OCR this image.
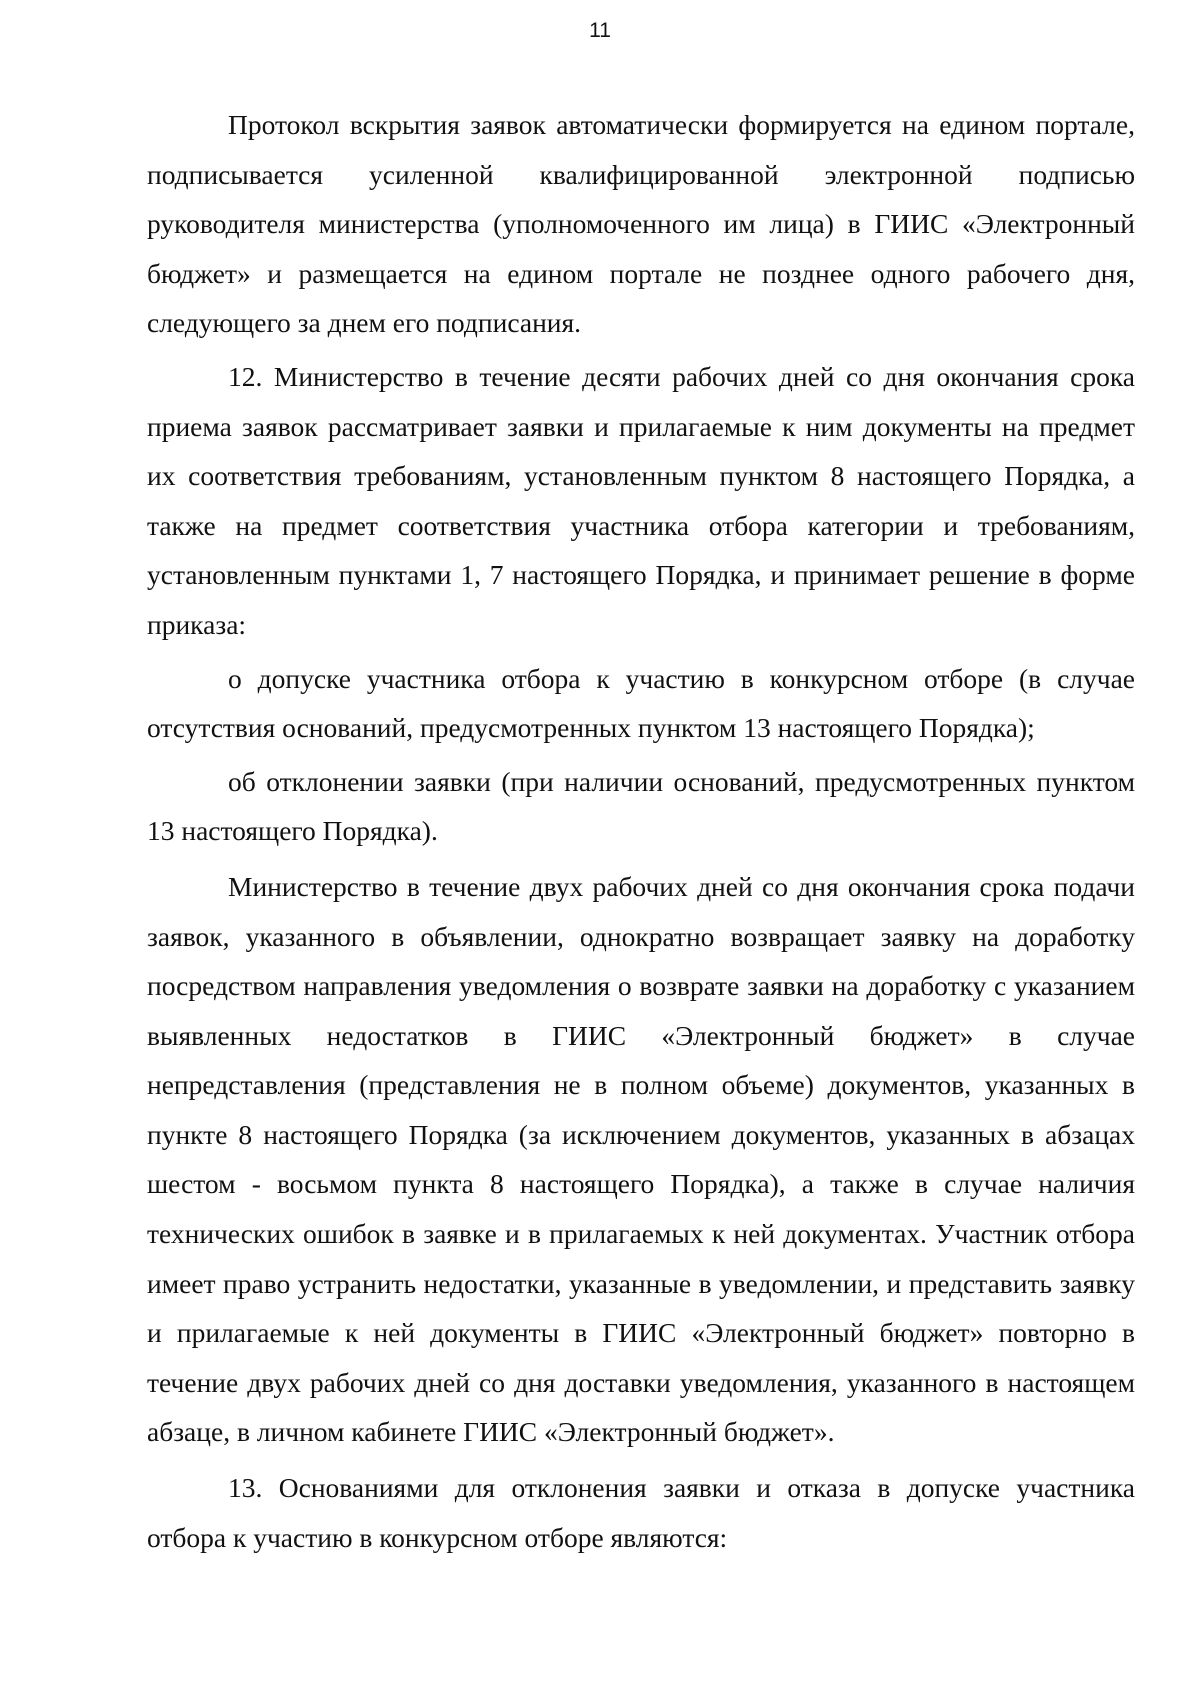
11

Протокол вскрытия заявок автоматически формируется на едином портале, подписывается усиленной квалифицированной электронной подписью руководителя министерства (уполномоченного им лица) в ГИИС «Электронный бюджет» и размещается на едином портале не позднее одного рабочего дня, следующего за днем его подписания.

12. Министерство в течение десяти рабочих дней со дня окончания срока приема заявок рассматривает заявки и прилагаемые к ним документы на предмет их соответствия требованиям, установленным пунктом 8 настоящего Порядка, а также на предмет соответствия участника отбора категории и требованиям, установленным пунктами 1, 7 настоящего Порядка, и принимает решение в форме приказа:

о допуске участника отбора к участию в конкурсном отборе (в случае отсутствия оснований, предусмотренных пунктом 13 настоящего Порядка);

об отклонении заявки (при наличии оснований, предусмотренных пунктом 13 настоящего Порядка).

Министерство в течение двух рабочих дней со дня окончания срока подачи заявок, указанного в объявлении, однократно возвращает заявку на доработку посредством направления уведомления о возврате заявки на доработку с указанием выявленных недостатков в ГИИС «Электронный бюджет» в случае непредставления (представления не в полном объеме) документов, указанных в пункте 8 настоящего Порядка (за исключением документов, указанных в абзацах шестом - восьмом пункта 8 настоящего Порядка), а также в случае наличия технических ошибок в заявке и в прилагаемых к ней документах. Участник отбора имеет право устранить недостатки, указанные в уведомлении, и представить заявку и прилагаемые к ней документы в ГИИС «Электронный бюджет» повторно в течение двух рабочих дней со дня доставки уведомления, указанного в настоящем абзаце, в личном кабинете ГИИС «Электронный бюджет».

13. Основаниями для отклонения заявки и отказа в допуске участника отбора к участию в конкурсном отборе являются:
